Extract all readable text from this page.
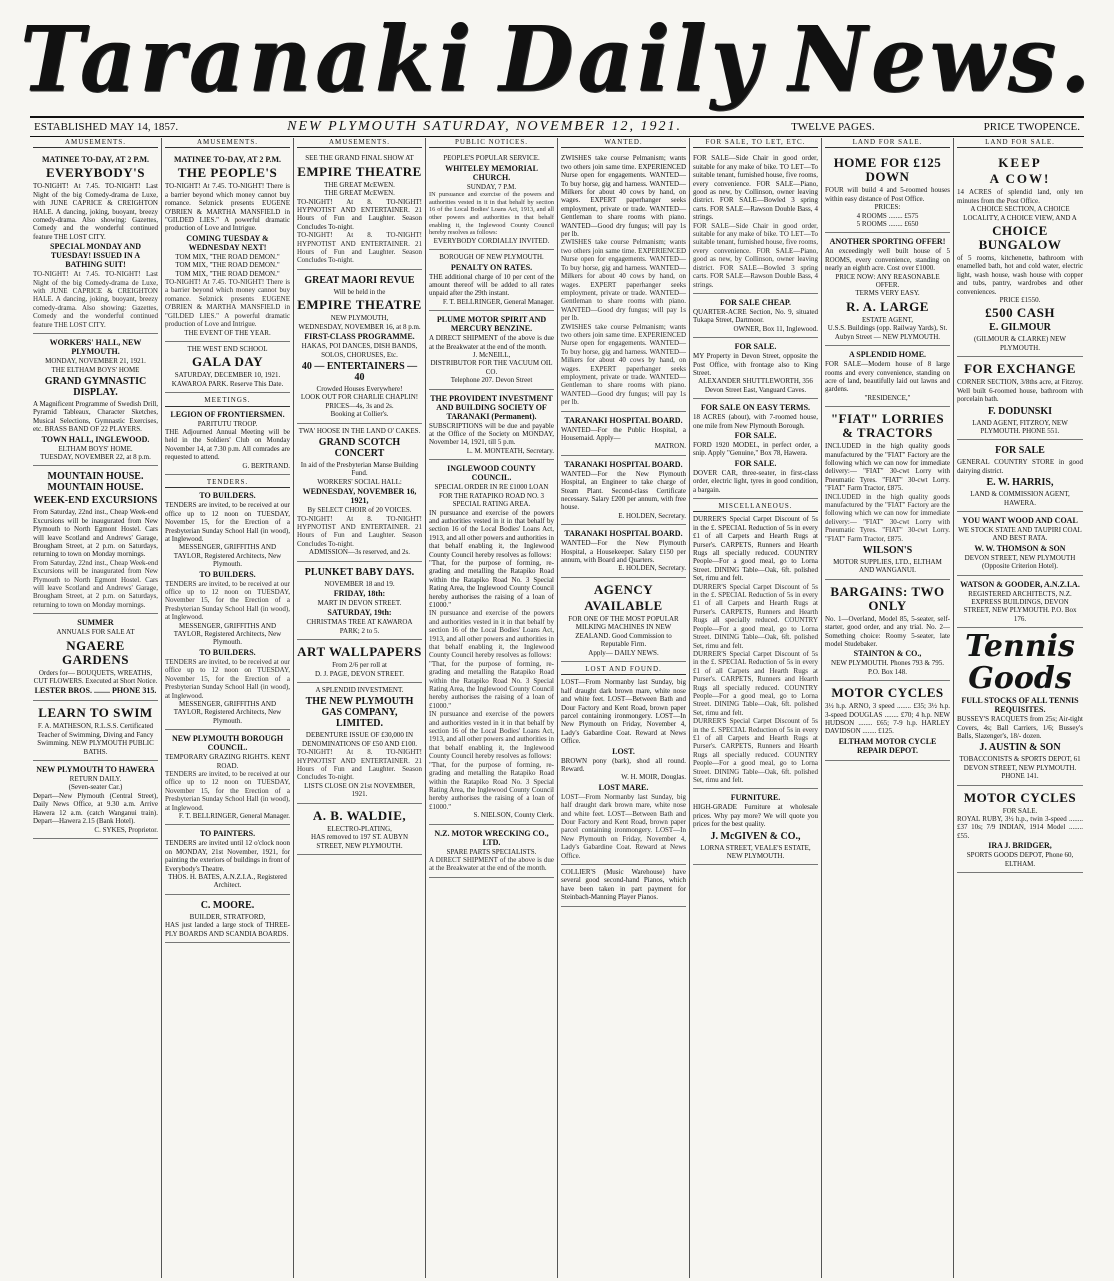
Taranaki Daily News.
ESTABLISHED MAY 14, 1857.	NEW PLYMOUTH SATURDAY, NOVEMBER 12, 1921.	TWELVE PAGES.	PRICE TWOPENCE.
AMUSEMENTS.
MATINEE TO-DAY, AT 2 P.M.
EVERYBODY'S
TO-NIGHT! At 7.45. TO-NIGHT! Last Night of the big Comedy-drama de Luxe, with JUNE CAPRICE & CREIGHTON HALE. A dancing, joking, buoyant, breezy comedy-drama. Also showing: Gazettes, Comedy and the wonderful continued feature THE LOST CITY.
SPECIAL MONDAY AND TUESDAY! ISSUED IN A BATHING SUIT!
TO-NIGHT! At 7.45. TO-NIGHT! Last Night of the big Comedy-drama de Luxe, with JUNE CAPRICE & CREIGHTON HALE. A dancing, joking, buoyant, breezy comedy-drama. Also showing: Gazettes, Comedy and the wonderful continued feature THE LOST CITY.
WORKERS' HALL, NEW PLYMOUTH.
MONDAY, NOVEMBER 21, 1921.
THE ELTHAM BOYS' HOME
GRAND GYMNASTIC DISPLAY.
A Magnificent Programme of Swedish Drill, Pyramid Tableaux, Character Sketches, Musical Selections, Gymnastic Exercises, etc. BRASS BAND OF 22 PLAYERS.
TOWN HALL, INGLEWOOD.
ELTHAM BOYS' HOME.
TUESDAY, NOVEMBER 22, at 8 p.m.
MOUNTAIN HOUSE. MOUNTAIN HOUSE.
WEEK-END EXCURSIONS
From Saturday, 22nd inst., Cheap Week-end Excursions will be inaugurated from New Plymouth to North Egmont Hostel. Cars will leave Scotland and Andrews' Garage, Brougham Street, at 2 p.m. on Saturdays, returning to town on Monday mornings.
From Saturday, 22nd inst., Cheap Week-end Excursions will be inaugurated from New Plymouth to North Egmont Hostel. Cars will leave Scotland and Andrews' Garage, Brougham Street, at 2 p.m. on Saturdays, returning to town on Monday mornings.
SUMMER
ANNUALS FOR SALE AT
NGAERE GARDENS
Orders for— BOUQUETS, WREATHS, CUT FLOWERS. Executed at Short Notice.
LESTER BROS. ........ PHONE 315.
LEARN TO SWIM
F. A. MATHESON, R.L.S.S. Certificated Teacher of Swimming, Diving and Fancy Swimming. NEW PLYMOUTH PUBLIC BATHS.
NEW PLYMOUTH TO HAWERA
RETURN DAILY.
(Seven-seater Car.)
Depart—New Plymouth (Central Street), Daily News Office, at 9.30 a.m. Arrive Hawera 12 a.m. (catch Wanganui train). Depart—Hawera 2.15 (Bank Hotel).
C. SYKES, Proprietor.
AMUSEMENTS.
MATINEE TO-DAY, AT 2 P.M.
THE PEOPLE'S
TO-NIGHT! At 7.45. TO-NIGHT! There is a barrier beyond which money cannot buy romance. Selznick presents EUGENE O'BRIEN & MARTHA MANSFIELD in "GILDED LIES." A powerful dramatic production of Love and Intrigue.
COMING TUESDAY & WEDNESDAY NEXT!
TOM MIX, "THE ROAD DEMON."
TOM MIX, "THE ROAD DEMON."
TOM MIX, "THE ROAD DEMON."
TO-NIGHT! At 7.45. TO-NIGHT! There is a barrier beyond which money cannot buy romance. Selznick presents EUGENE O'BRIEN & MARTHA MANSFIELD in "GILDED LIES." A powerful dramatic production of Love and Intrigue.
THE EVENT OF THE YEAR.
THE WEST END SCHOOL
GALA DAY
SATURDAY, DECEMBER 10, 1921.
KAWAROA PARK. Reserve This Date.
MEETINGS.
LEGION OF FRONTIERSMEN.
PARITUTU TROOP.
THE Adjourned Annual Meeting will be held in the Soldiers' Club on Monday November 14, at 7.30 p.m. All comrades are requested to attend.
G. BERTRAND.
TENDERS.
TO BUILDERS.
TENDERS are invited, to be received at our office up to 12 noon on TUESDAY, November 15, for the Erection of a Presbyterian Sunday School Hall (in wood), at Inglewood.
MESSENGER, GRIFFITHS AND TAYLOR, Registered Architects, New Plymouth.
TO BUILDERS.
TENDERS are invited, to be received at our office up to 12 noon on TUESDAY, November 15, for the Erection of a Presbyterian Sunday School Hall (in wood), at Inglewood.
MESSENGER, GRIFFITHS AND TAYLOR, Registered Architects, New Plymouth.
TO BUILDERS.
TENDERS are invited, to be received at our office up to 12 noon on TUESDAY, November 15, for the Erection of a Presbyterian Sunday School Hall (in wood), at Inglewood.
MESSENGER, GRIFFITHS AND TAYLOR, Registered Architects, New Plymouth.
NEW PLYMOUTH BOROUGH COUNCIL.
TEMPORARY GRAZING RIGHTS. KENT ROAD.
TENDERS are invited, to be received at our office up to 12 noon on TUESDAY, November 15, for the Erection of a Presbyterian Sunday School Hall (in wood), at Inglewood.
F. T. BELLRINGER, General Manager.
TO PAINTERS.
TENDERS are invited until 12 o'clock noon on MONDAY, 21st November, 1921, for painting the exteriors of buildings in front of Everybody's Theatre.
THOS. H. BATES, A.N.Z.I.A., Registered Architect.
C. MOORE.
BUILDER, STRATFORD,
HAS just landed a large stock of THREE-PLY BOARDS AND SCANDIA BOARDS.
AMUSEMENTS.
SEE THE GRAND FINAL SHOW AT
EMPIRE THEATRE
THE GREAT McEWEN.
THE GREAT McEWEN.
TO-NIGHT! At 8. TO-NIGHT! HYPNOTIST AND ENTERTAINER. 21 Hours of Fun and Laughter. Season Concludes To-night.
TO-NIGHT! At 8. TO-NIGHT! HYPNOTIST AND ENTERTAINER. 21 Hours of Fun and Laughter. Season Concludes To-night.
GREAT MAORI REVUE
Will be held in the
EMPIRE THEATRE
NEW PLYMOUTH,
WEDNESDAY, NOVEMBER 16, at 8 p.m.
FIRST-CLASS PROGRAMME.
HAKAS, POI DANCES, DISH BANDS, SOLOS, CHORUSES, Etc.
40 — ENTERTAINERS — 40
Crowded Houses Everywhere!
LOOK OUT FOR CHARLIE CHAPLIN!
PRICES—4s, 3s and 2s.
Booking at Collier's.
TWA' HOOSE IN THE LAND O' CAKES.
GRAND SCOTCH CONCERT
In aid of the Presbyterian Manse Building Fund.
WORKERS' SOCIAL HALL:
WEDNESDAY, NOVEMBER 16, 1921,
By SELECT CHOIR of 20 VOICES.
TO-NIGHT! At 8. TO-NIGHT! HYPNOTIST AND ENTERTAINER. 21 Hours of Fun and Laughter. Season Concludes To-night.
ADMISSION—3s reserved, and 2s.
PLUNKET BABY DAYS.
NOVEMBER 18 and 19.
FRIDAY, 18th:
MART IN DEVON STREET.
SATURDAY, 19th:
CHRISTMAS TREE AT KAWAROA PARK; 2 to 5.
ART WALLPAPERS
From 2/6 per roll at
D. J. PAGE, DEVON STREET.
A SPLENDID INVESTMENT.
THE NEW PLYMOUTH GAS COMPANY, LIMITED.
DEBENTURE ISSUE OF £30,000 IN DENOMINATIONS OF £50 AND £100.
TO-NIGHT! At 8. TO-NIGHT! HYPNOTIST AND ENTERTAINER. 21 Hours of Fun and Laughter. Season Concludes To-night.
LISTS CLOSE ON 21st NOVEMBER, 1921.
A. B. WALDIE,
ELECTRO-PLATING,
HAS removed to 197 ST. AUBYN STREET, NEW PLYMOUTH.
PUBLIC NOTICES.
PEOPLE'S POPULAR SERVICE.
WHITELEY MEMORIAL CHURCH.
SUNDAY, 7 P.M.
IN pursuance and exercise of the powers and authorities vested in it in that behalf by section 16 of the Local Bodies' Loans Act, 1913, and all other powers and authorities in that behalf enabling it, the Inglewood County Council hereby resolves as follows:
EVERYBODY CORDIALLY INVITED.
BOROUGH OF NEW PLYMOUTH.
PENALTY ON RATES.
THE additional charge of 10 per cent of the amount thereof will be added to all rates unpaid after the 29th instant.
F. T. BELLRINGER, General Manager.
PLUME MOTOR SPIRIT AND MERCURY BENZINE.
A DIRECT SHIPMENT of the above is due at the Breakwater at the end of the month.
J. McNEILL,
DISTRIBUTOR FOR THE VACUUM OIL CO.
Telephone 207. Devon Street
THE PROVIDENT INVESTMENT AND BUILDING SOCIETY OF TARANAKI (Permanent).
SUBSCRIPTIONS will be due and payable at the Office of the Society on MONDAY, November 14, 1921, till 5 p.m.
L. M. MONTEATH, Secretary.
INGLEWOOD COUNTY COUNCIL.
SPECIAL ORDER IN RE £1000 LOAN FOR THE RATAPIKO ROAD NO. 3 SPECIAL RATING AREA.
IN pursuance and exercise of the powers and authorities vested in it in that behalf by section 16 of the Local Bodies' Loans Act, 1913, and all other powers and authorities in that behalf enabling it, the Inglewood County Council hereby resolves as follows:
"That, for the purpose of forming, re-grading and metalling the Ratapiko Road within the Ratapiko Road No. 3 Special Rating Area, the Inglewood County Council hereby authorises the raising of a loan of £1000."
IN pursuance and exercise of the powers and authorities vested in it in that behalf by section 16 of the Local Bodies' Loans Act, 1913, and all other powers and authorities in that behalf enabling it, the Inglewood County Council hereby resolves as follows:
"That, for the purpose of forming, re-grading and metalling the Ratapiko Road within the Ratapiko Road No. 3 Special Rating Area, the Inglewood County Council hereby authorises the raising of a loan of £1000."
IN pursuance and exercise of the powers and authorities vested in it in that behalf by section 16 of the Local Bodies' Loans Act, 1913, and all other powers and authorities in that behalf enabling it, the Inglewood County Council hereby resolves as follows:
"That, for the purpose of forming, re-grading and metalling the Ratapiko Road within the Ratapiko Road No. 3 Special Rating Area, the Inglewood County Council hereby authorises the raising of a loan of £1000."
S. NIELSON, County Clerk.
N.Z. MOTOR WRECKING CO., LTD.
SPARE PARTS SPECIALISTS.
A DIRECT SHIPMENT of the above is due at the Breakwater at the end of the month.
WANTED.
ZWISHES take course Pelmanism; wants two others join same time. EXPERIENCED Nurse open for engagements. WANTED—To buy horse, gig and harness. WANTED—Milkers for about 40 cows by hand, on wages. EXPERT paperhanger seeks employment, private or trade. WANTED—Gentleman to share rooms with piano. WANTED—Good dry fungus; will pay 1s per lb.
ZWISHES take course Pelmanism; wants two others join same time. EXPERIENCED Nurse open for engagements. WANTED—To buy horse, gig and harness. WANTED—Milkers for about 40 cows by hand, on wages. EXPERT paperhanger seeks employment, private or trade. WANTED—Gentleman to share rooms with piano. WANTED—Good dry fungus; will pay 1s per lb.
ZWISHES take course Pelmanism; wants two others join same time. EXPERIENCED Nurse open for engagements. WANTED—To buy horse, gig and harness. WANTED—Milkers for about 40 cows by hand, on wages. EXPERT paperhanger seeks employment, private or trade. WANTED—Gentleman to share rooms with piano. WANTED—Good dry fungus; will pay 1s per lb.
TARANAKI HOSPITAL BOARD.
WANTED—For the Public Hospital, a Housemaid. Apply—
MATRON.
TARANAKI HOSPITAL BOARD.
WANTED—For the New Plymouth Hospital, an Engineer to take charge of Steam Plant. Second-class Certificate necessary. Salary £200 per annum, with free house.
E. HOLDEN, Secretary.
TARANAKI HOSPITAL BOARD.
WANTED—For the New Plymouth Hospital, a Housekeeper. Salary £150 per annum, with Board and Quarters.
E. HOLDEN, Secretary.
AGENCY
AVAILABLE
FOR ONE OF THE MOST POPULAR MILKING MACHINES IN NEW ZEALAND. Good Commission to Reputable Firm.
Apply— DAILY NEWS.
LOST AND FOUND.
LOST—From Normanby last Sunday, big half draught dark brown mare, white nose and white feet. LOST—Between Bath and Dour Factory and Kent Road, brown paper parcel containing ironmongery. LOST—In New Plymouth on Friday, November 4, Lady's Gabardine Coat. Reward at News Office.
LOST.
BROWN pony (bark), shod all round. Reward.
W. H. MOIR, Douglas.
LOST MARE.
LOST—From Normanby last Sunday, big half draught dark brown mare, white nose and white feet. LOST—Between Bath and Dour Factory and Kent Road, brown paper parcel containing ironmongery. LOST—In New Plymouth on Friday, November 4, Lady's Gabardine Coat. Reward at News Office.
COLLIER'S (Music Warehouse) have several good second-hand Pianos, which have been taken in part payment for Steinbach-Manning Player Pianos.
FOR SALE, TO LET, ETC.
FOR SALE—Side Chair in good order, suitable for any make of bike. TO LET—To suitable tenant, furnished house, five rooms, every convenience. FOR SALE—Piano, good as new, by Collinson, owner leaving district. FOR SALE—Bowled 3 spring carts. FOR SALE—Rawson Double Bass, 4 strings.
FOR SALE—Side Chair in good order, suitable for any make of bike. TO LET—To suitable tenant, furnished house, five rooms, every convenience. FOR SALE—Piano, good as new, by Collinson, owner leaving district. FOR SALE—Bowled 3 spring carts. FOR SALE—Rawson Double Bass, 4 strings.
FOR SALE CHEAP.
QUARTER-ACRE Section, No. 9, situated Tukapa Street, Dartmoor.
OWNER, Box 11, Inglewood.
FOR SALE.
MY Property in Devon Street, opposite the Post Office, with frontage also to King Street.
ALEXANDER SHUTTLEWORTH, 356 Devon Street East, Vanguard Caves.
FOR SALE ON EASY TERMS.
18 ACRES (about), with 7-roomed house, one mile from New Plymouth Borough.
FOR SALE.
FORD 1920 MODEL, in perfect order, a snip. Apply "Genuine," Box 78, Hawera.
FOR SALE.
DOVER CAR, three-seater, in first-class order, electric light, tyres in good condition, a bargain.
MISCELLANEOUS.
DURRER'S Special Carpet Discount of 5s in the £. SPECIAL Reduction of 5s in every £1 of all Carpets and Hearth Rugs at Purser's. CARPETS, Runners and Hearth Rugs all specially reduced. COUNTRY People—For a good meal, go to Lorna Street. DINING Table—Oak, 6ft. polished Set, rimu and felt.
DURRER'S Special Carpet Discount of 5s in the £. SPECIAL Reduction of 5s in every £1 of all Carpets and Hearth Rugs at Purser's. CARPETS, Runners and Hearth Rugs all specially reduced. COUNTRY People—For a good meal, go to Lorna Street. DINING Table—Oak, 6ft. polished Set, rimu and felt.
DURRER'S Special Carpet Discount of 5s in the £. SPECIAL Reduction of 5s in every £1 of all Carpets and Hearth Rugs at Purser's. CARPETS, Runners and Hearth Rugs all specially reduced. COUNTRY People—For a good meal, go to Lorna Street. DINING Table—Oak, 6ft. polished Set, rimu and felt.
DURRER'S Special Carpet Discount of 5s in the £. SPECIAL Reduction of 5s in every £1 of all Carpets and Hearth Rugs at Purser's. CARPETS, Runners and Hearth Rugs all specially reduced. COUNTRY People—For a good meal, go to Lorna Street. DINING Table—Oak, 6ft. polished Set, rimu and felt.
FURNITURE.
HIGH-GRADE Furniture at wholesale prices. Why pay more? We will quote you prices for the best quality.
J. McGIVEN & CO.,
LORNA STREET, VEALE'S ESTATE, NEW PLYMOUTH.
LAND FOR SALE.
HOME FOR £125 DOWN
FOUR will build 4 and 5-roomed houses within easy distance of Post Office.
PRICES:
4 ROOMS ........ £575
5 ROOMS ........ £650
ANOTHER SPORTING OFFER!
An exceedingly well built house of 5 ROOMS, every convenience, standing on nearly an eighth acre. Cost over £1000.
PRICE NOW: ANY REASONABLE OFFER.
TERMS VERY EASY.
R. A. LARGE
ESTATE AGENT,
U.S.S. Buildings (opp. Railway Yards), St. Aubyn Street — NEW PLYMOUTH.
A SPLENDID HOME.
FOR SALE—Modern house of 8 large rooms and every convenience, standing on acre of land, beautifully laid out lawns and gardens.
"RESIDENCE,"
"FIAT" LORRIES & TRACTORS
INCLUDED in the high quality goods manufactured by the "FIAT" Factory are the following which we can now for immediate delivery:— "FIAT" 30-cwt Lorry with Pneumatic Tyres. "FIAT" 30-cwt Lorry. "FIAT" Farm Tractor, £875.
INCLUDED in the high quality goods manufactured by the "FIAT" Factory are the following which we can now for immediate delivery:— "FIAT" 30-cwt Lorry with Pneumatic Tyres. "FIAT" 30-cwt Lorry. "FIAT" Farm Tractor, £875.
WILSON'S
MOTOR SUPPLIES, LTD., ELTHAM AND WANGANUI.
BARGAINS: TWO ONLY
No. 1—Overland, Model 85, 5-seater, self-starter, good order, and any trial. No. 2—Something choice: Roomy 5-seater, late model Studebaker.
STAINTON & CO.,
NEW PLYMOUTH. Phones 793 & 795. P.O. Box 148.
MOTOR CYCLES
3½ h.p. ARNO, 3 speed ........ £35; 3½ h.p. 3-speed DOUGLAS ........ £70; 4 h.p. NEW HUDSON ........ £65; 7-9 h.p. HARLEY DAVIDSON ........ £125.
ELTHAM MOTOR CYCLE REPAIR DEPOT.
LAND FOR SALE.
KEEP
A COW!
14 ACRES of splendid land, only ten minutes from the Post Office.
A CHOICE SECTION, A CHOICE LOCALITY, A CHOICE VIEW, AND A
CHOICE BUNGALOW
of 5 rooms, kitchenette, bathroom with enamelled bath, hot and cold water, electric light, wash house, wash house with copper and tubs, pantry, wardrobes and other conveniences.
PRICE £1550.
£500 CASH
E. GILMOUR
(GILMOUR & CLARKE) NEW PLYMOUTH.
FOR EXCHANGE
CORNER SECTION, 3/8ths acre, at Fitzroy. Well built 6-roomed house, bathroom with porcelain bath.
F. DODUNSKI
LAND AGENT, FITZROY, NEW PLYMOUTH. PHONE 551.
FOR SALE
GENERAL COUNTRY STORE in good dairying district.
E. W. HARRIS,
LAND & COMMISSION AGENT, HAWERA.
YOU WANT WOOD AND COAL
WE STOCK STATE AND TAUPIRI COAL AND BEST RATA.
W. W. THOMSON & SON
DEVON STREET, NEW PLYMOUTH (Opposite Criterion Hotel).
WATSON & GOODER, A.N.Z.I.A.
REGISTERED ARCHITECTS, N.Z. EXPRESS BUILDINGS, DEVON STREET, NEW PLYMOUTH. P.O. Box 176.
Tennis Goods
FULL STOCKS OF ALL TENNIS REQUISITES.
BUSSEY'S RACQUETS from 25s; Air-tight Covers, 4s; Ball Carriers, 1/6; Bussey's Balls, Slazenger's, 18/- dozen.
J. AUSTIN & SON
TOBACCONISTS & SPORTS DEPOT, 61 DEVON STREET, NEW PLYMOUTH. PHONE 141.
MOTOR CYCLES
FOR SALE.
ROYAL RUBY, 3½ h.p., twin 3-speed ........ £37 10s; 7/9 INDIAN, 1914 Model ........ £55.
IRA J. BRIDGER,
SPORTS GOODS DEPOT, Phone 60, ELTHAM.
